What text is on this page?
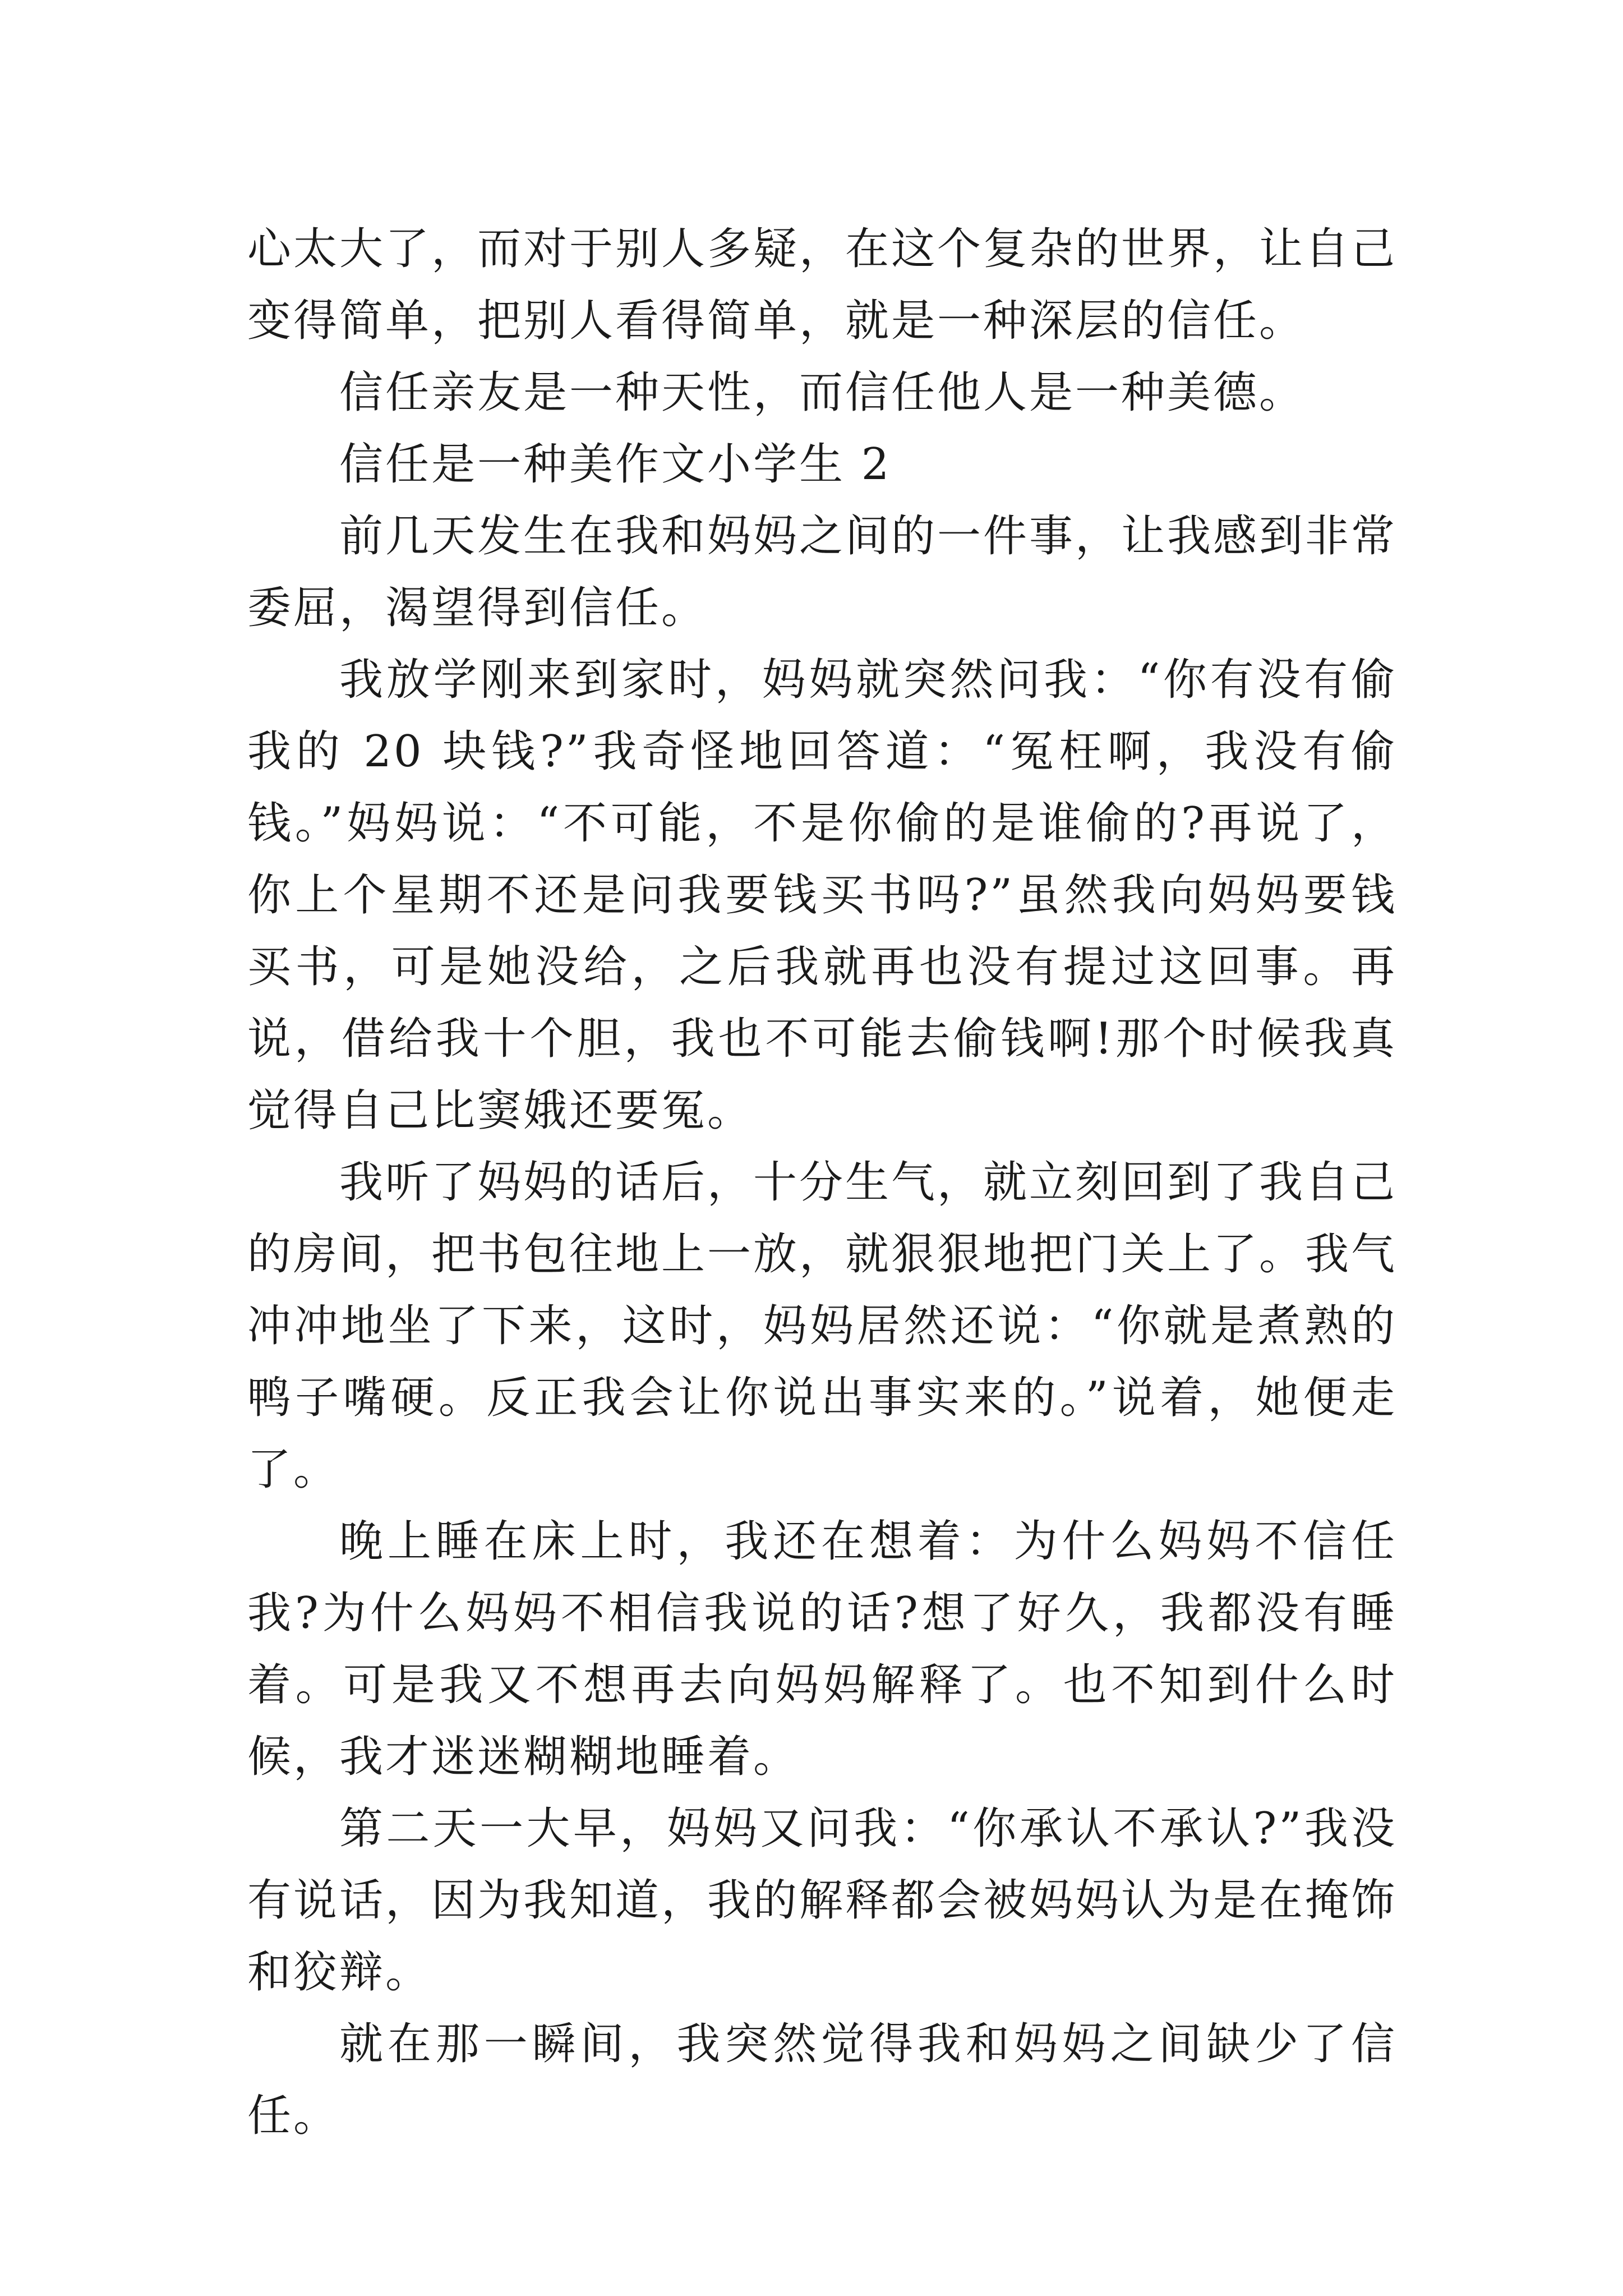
心太大了，而对于别人多疑，在这个复杂的世界，让自己变得简单，把别人看得简单，就是一种深层的信任。

信任亲友是一种天性，而信任他人是一种美德。

信任是一种美作文小学生 2

前几天发生在我和妈妈之间的一件事，让我感到非常委屈，渴望得到信任。

我放学刚来到家时，妈妈就突然问我：“你有没有偷我的 20 块钱?”我奇怪地回答道：“冤枉啊，我没有偷钱。”妈妈说：“不可能，不是你偷的是谁偷的?再说了，你上个星期不还是问我要钱买书吗?”虽然我向妈妈要钱买书，可是她没给，之后我就再也没有提过这回事。再说，借给我十个胆，我也不可能去偷钱啊!那个时候我真觉得自己比窦娥还要冤。

我听了妈妈的话后，十分生气，就立刻回到了我自己的房间，把书包往地上一放，就狠狠地把门关上了。我气冲冲地坐了下来，这时，妈妈居然还说：“你就是煮熟的鸭子嘴硬。反正我会让你说出事实来的。”说着，她便走了。

晚上睡在床上时，我还在想着：为什么妈妈不信任我?为什么妈妈不相信我说的话?想了好久，我都没有睡着。可是我又不想再去向妈妈解释了。也不知到什么时候，我才迷迷糊糊地睡着。

第二天一大早，妈妈又问我：“你承认不承认?”我没有说话，因为我知道，我的解释都会被妈妈认为是在掩饰和狡辩。

就在那一瞬间，我突然觉得我和妈妈之间缺少了信任。
